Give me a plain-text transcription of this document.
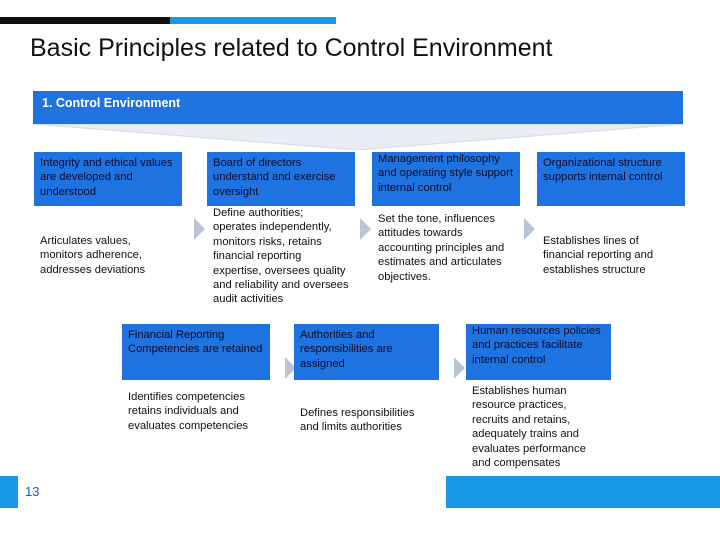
Basic Principles related to Control Environment
1. Control Environment
Integrity and ethical values are developed and understood
Articulates values, monitors adherence, addresses deviations
Board of directors understand and exercise oversight
Define authorities; operates independently, monitors risks, retains financial reporting expertise, oversees quality and reliability and oversees audit activities
Management philosophy and operating style support internal control
Set the tone, influences attitudes towards accounting principles and estimates and articulates objectives.
Organizational structure supports internal control
Establishes lines of financial reporting and establishes structure
Financial Reporting Competencies are retained
Identifies competencies retains individuals and evaluates competencies
Authorities and responsibilities are assigned
Defines responsibilities and limits authorities
Human resources policies and practices facilitate internal control
Establishes human resource practices, recruits and retains, adequately trains and evaluates performance and compensates
13
